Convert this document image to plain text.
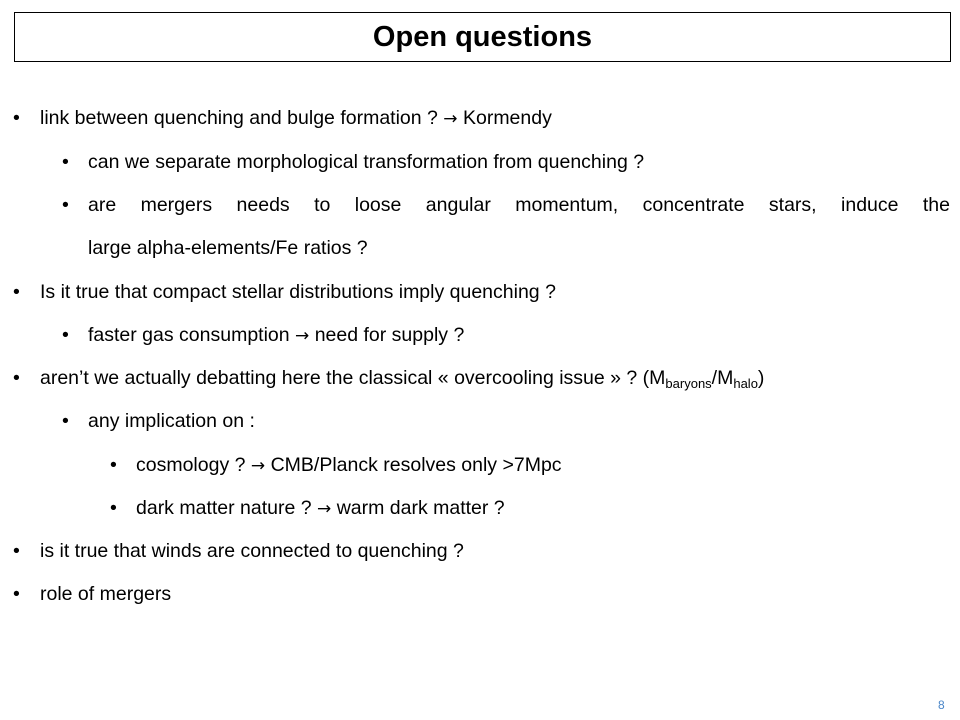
Open questions
• link between quenching and bulge formation ? → Kormendy
• can we separate morphological transformation from quenching ?
• are mergers needs to loose angular momentum, concentrate stars, induce the
large alpha-elements/Fe ratios ?
• Is it true that compact stellar distributions imply quenching ?
• faster gas consumption → need for supply ?
• aren’t we actually debatting here the classical « overcooling issue » ? $(M_{baryons}/M_{halo})$
• any implication on :
• cosmology ? → CMB/Planck resolves only >7Mpc
• dark matter nature ? → warm dark matter ?
• is it true that winds are connected to quenching ?
• role of mergers
8
